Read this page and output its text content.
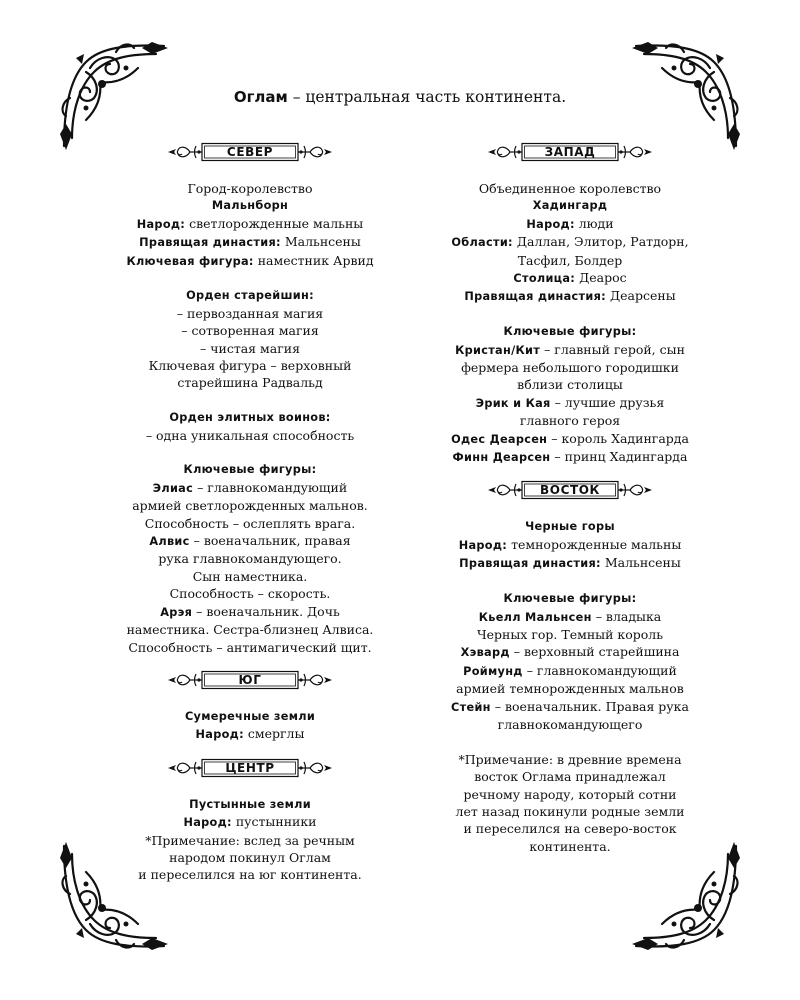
Оглам – центральная часть континента.
СЕВЕР
Город-королевство
Мальнборн
Народ: светлорожденные мальны
Правящая династия: Мальнсены
Ключевая фигура: наместник Арвид
Орден старейшин:
– первозданная магия
– сотворенная магия
– чистая магия
Ключевая фигура – верховный
старейшина Радвальд
Орден элитных воинов:
– одна уникальная способность
Ключевые фигуры:
Элиас – главнокомандующий
армией светлорожденных мальнов.
Способность – ослеплять врага.
Алвис – военачальник, правая
рука главнокомандующего.
Сын наместника.
Способность – скорость.
Арэя – военачальник. Дочь
наместника. Сестра-близнец Алвиса.
Способность – антимагический щит.
ЮГ
Сумеречные земли
Народ: смерглы
ЦЕНТР
Пустынные земли
Народ: пустынники
*Примечание: вслед за речным
народом покинул Оглам
и переселился на юг континента.
ЗАПАД
Объединенное королевство
Хадингард
Народ: люди
Области: Даллан, Элитор, Ратдорн,
Тасфил, Болдер
Столица: Деарос
Правящая династия: Деарсены
Ключевые фигуры:
Кристан/Кит – главный герой, сын
фермера небольшого городишки
вблизи столицы
Эрик и Кая – лучшие друзья
главного героя
Одес Деарсен – король Хадингарда
Финн Деарсен – принц Хадингарда
ВОСТОК
Черные горы
Народ: темнорожденные мальны
Правящая династия: Мальнсены
Ключевые фигуры:
Кьелл Мальнсен – владыка
Черных гор. Темный король
Хэвард – верховный старейшина
Роймунд – главнокомандующий
армией темнорожденных мальнов
Стейн – военачальник. Правая рука
главнокомандующего
*Примечание: в древние времена
восток Оглама принадлежал
речному народу, который сотни
лет назад покинули родные земли
и переселился на северо-восток
континента.
